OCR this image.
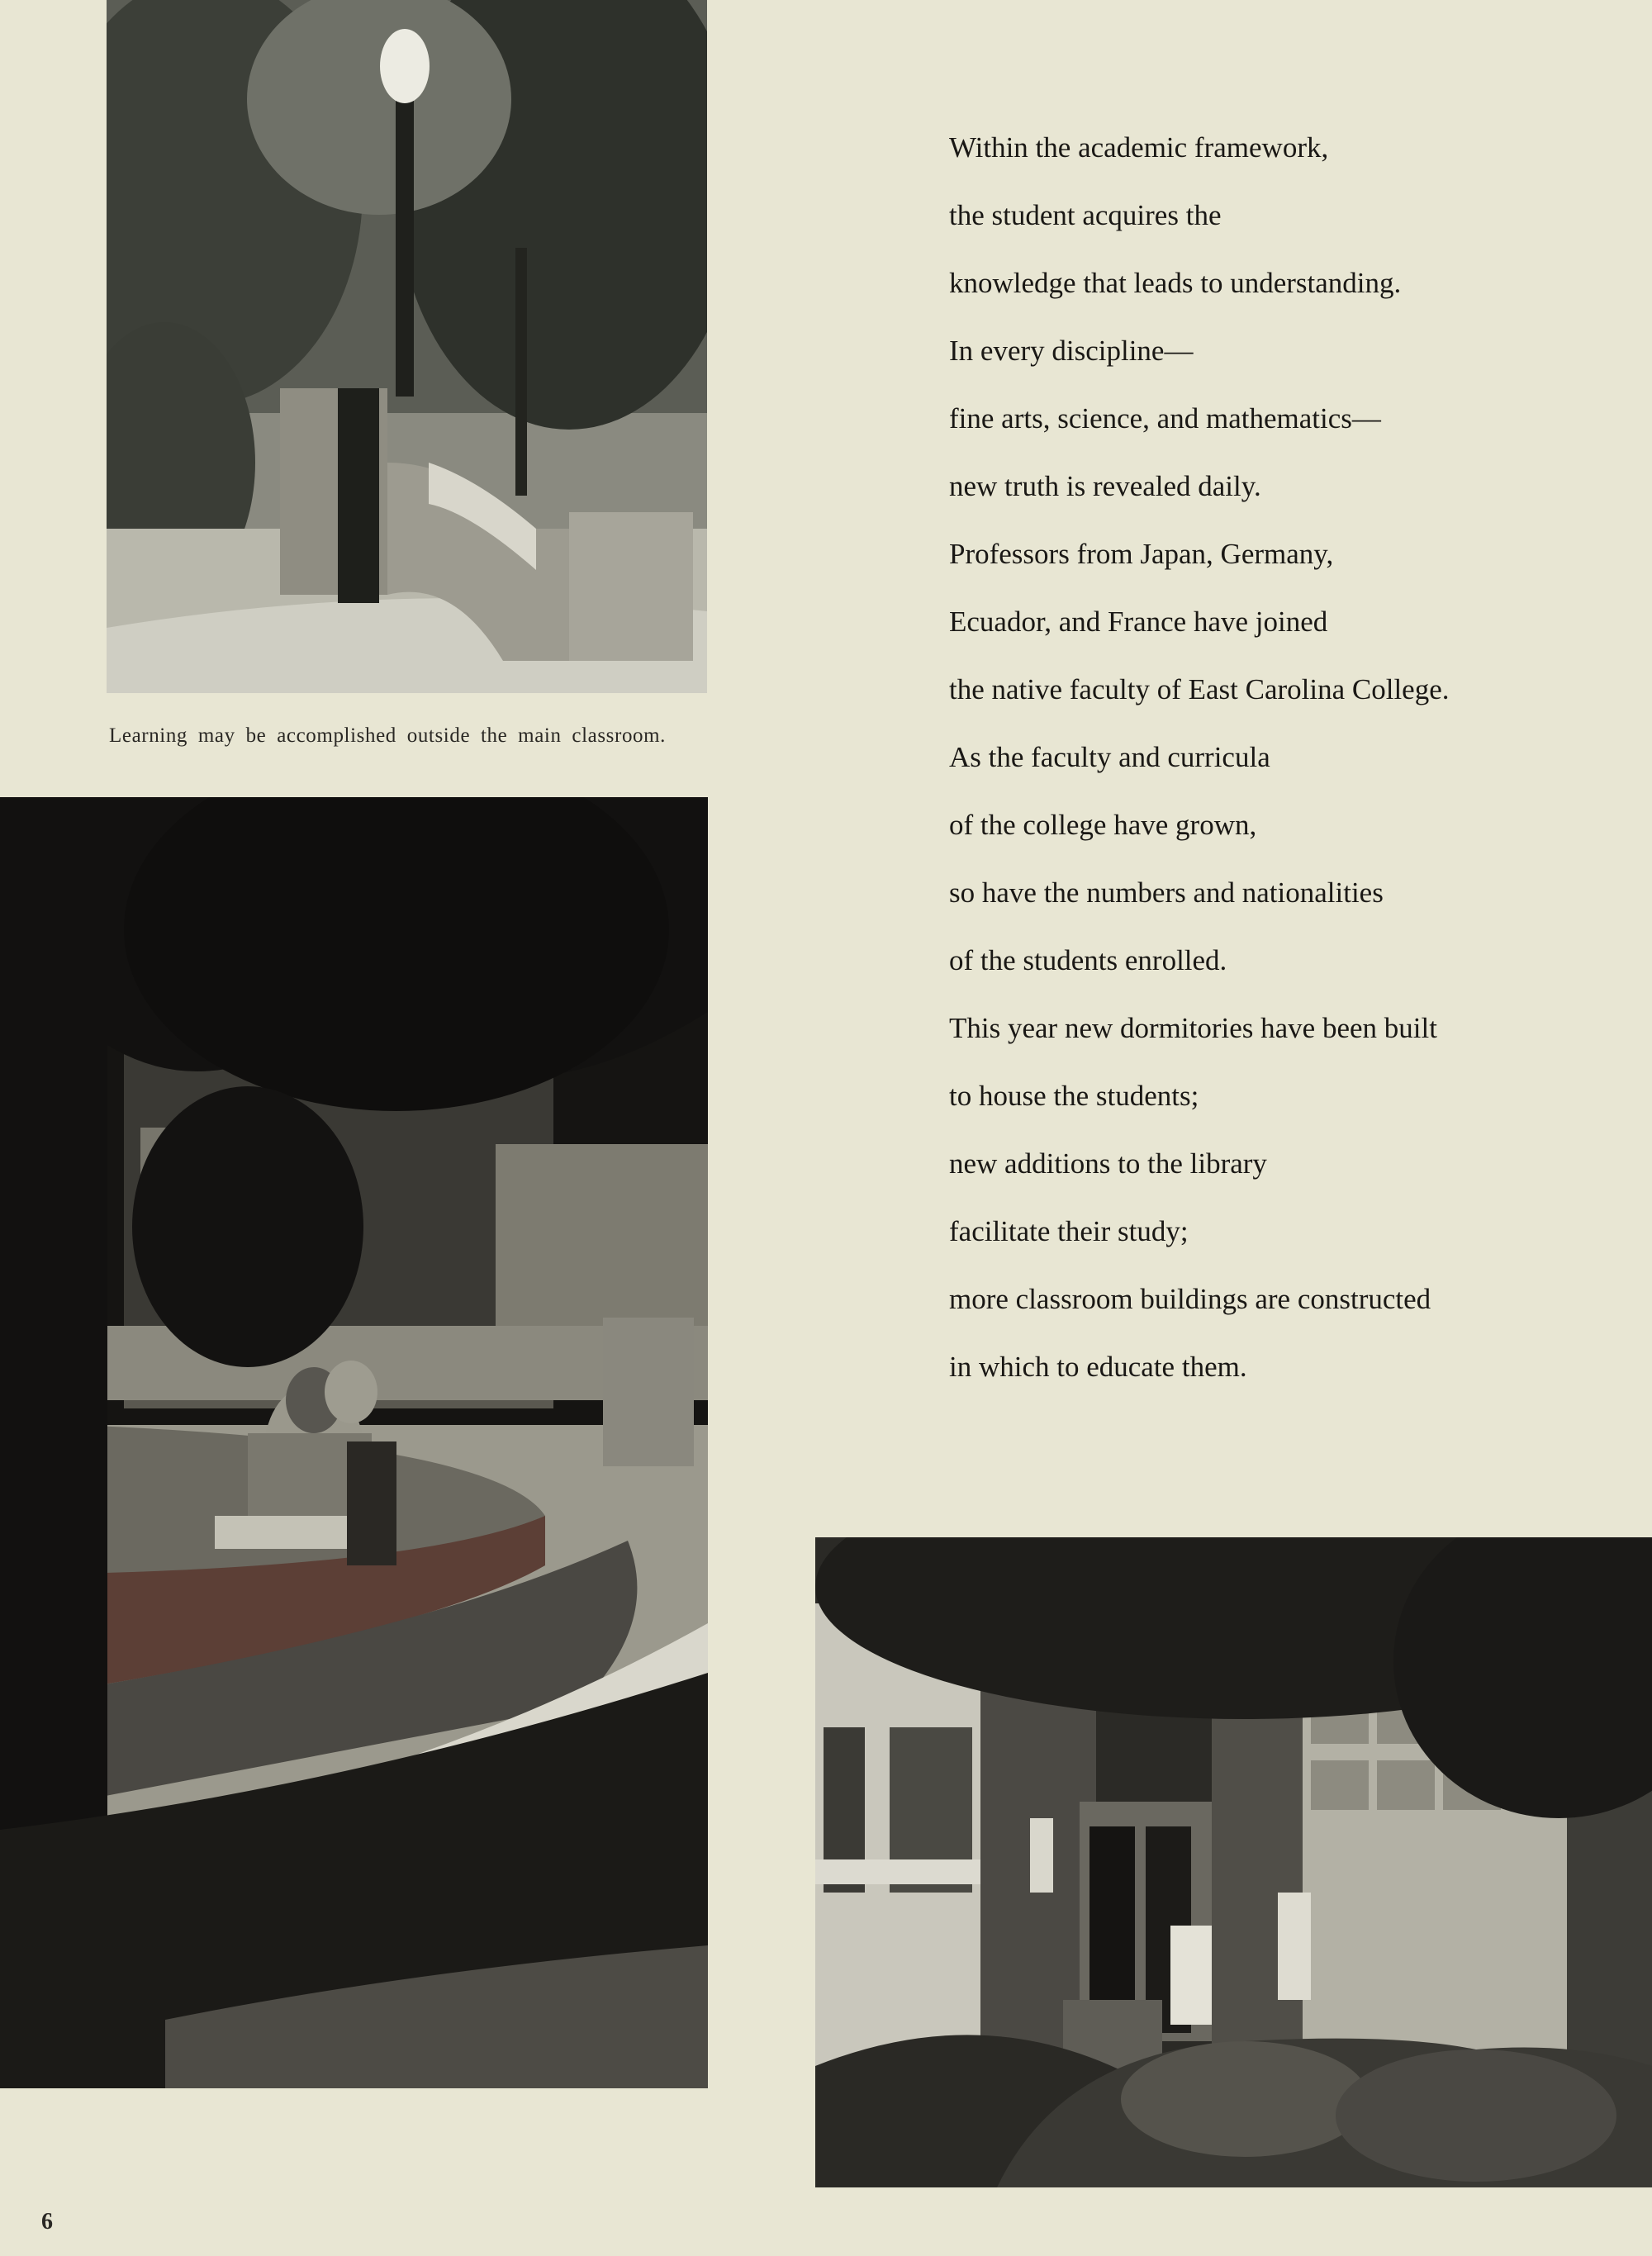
Learning may be accomplished outside the main classroom.
Within the academic framework,
the student acquires the
knowledge that leads to understanding.
In every discipline—
fine arts, science, and mathematics—
new truth is revealed daily.
Professors from Japan, Germany,
Ecuador, and France have joined
the native faculty of East Carolina College.
As the faculty and curricula
of the college have grown,
so have the numbers and nationalities
of the students enrolled.
This year new dormitories have been built
to house the students;
new additions to the library
facilitate their study;
more classroom buildings are constructed
in which to educate them.
6
